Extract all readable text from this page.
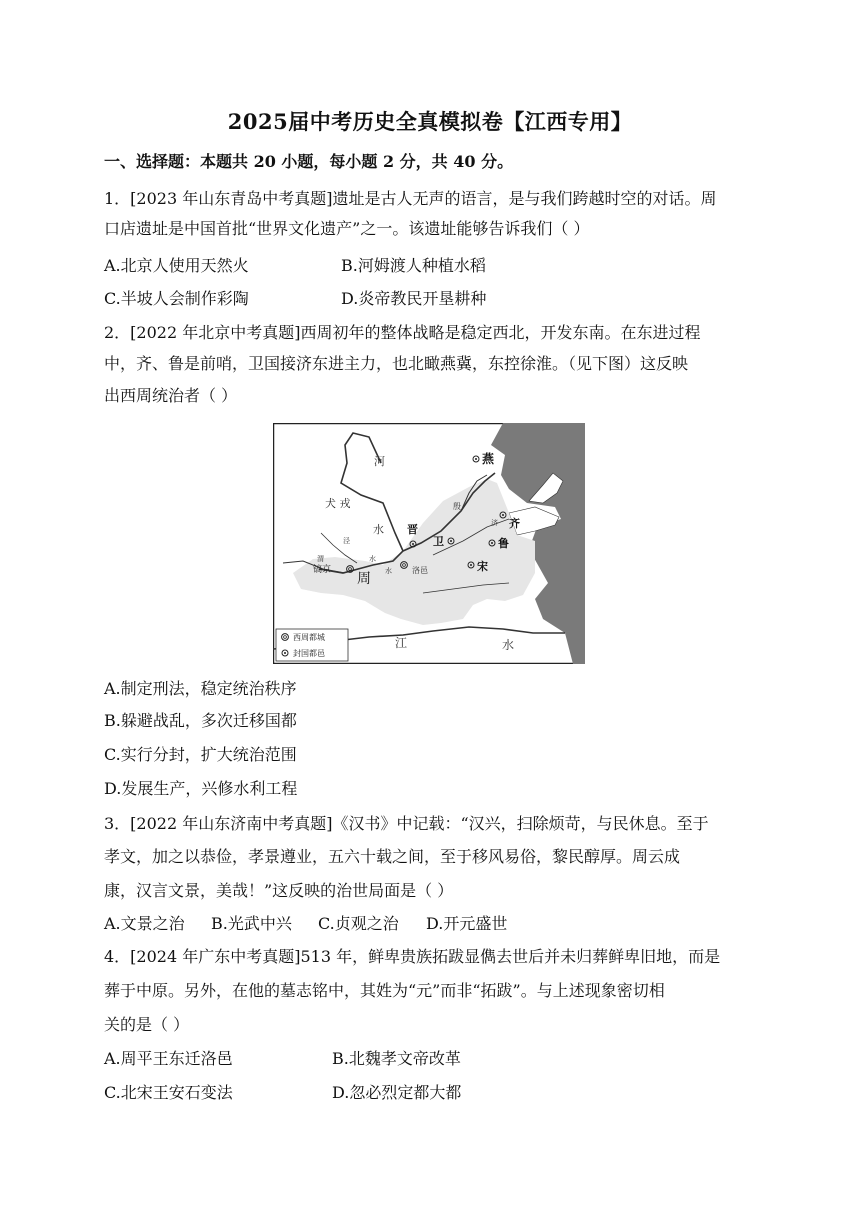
2025届中考历史全真模拟卷【江西专用】
一、选择题：本题共 20 小题，每小题 2 分，共 40 分。
1．[2023 年山东青岛中考真题]遗址是古人无声的语言，是与我们跨越时空的对话。周
口店遗址是中国首批“世界文化遗产”之一。该遗址能够告诉我们（ ）
A.北京人使用天然火	B.河姆渡人种植水稻
C.半坡人会制作彩陶	D.炎帝教民开垦耕种
2．[2022 年北京中考真题]西周初年的整体战略是稳定西北，开发东南。在东进过程
中，齐、鲁是前哨，卫国接济东进主力，也北瞰燕冀，东控徐淮。（见下图）这反映
出西周统治者（ ）
河
犬 戎
水
燕
殷
晋
卫
齐
鲁
宋
镐京
周
洛邑
泾
水
渭
水
济
江	水
西周都城
封国都邑
A.制定刑法，稳定统治秩序
B.躲避战乱，多次迁移国都
C.实行分封，扩大统治范围
D.发展生产，兴修水利工程
3．[2022 年山东济南中考真题]《汉书》中记载：“汉兴，扫除烦苛，与民休息。至于
孝文，加之以恭俭，孝景遵业，五六十载之间，至于移风易俗，黎民醇厚。周云成
康，汉言文景，美哉！”这反映的治世局面是（ ）
A.文景之治 B.光武中兴 C.贞观之治 D.开元盛世
4．[2024 年广东中考真题]513 年，鲜卑贵族拓跋显儁去世后并未归葬鲜卑旧地，而是
葬于中原。另外，在他的墓志铭中，其姓为“元”而非“拓跋”。与上述现象密切相
关的是（ ）
A.周平王东迁洛邑	B.北魏孝文帝改革
C.北宋王安石变法	D.忽必烈定都大都
